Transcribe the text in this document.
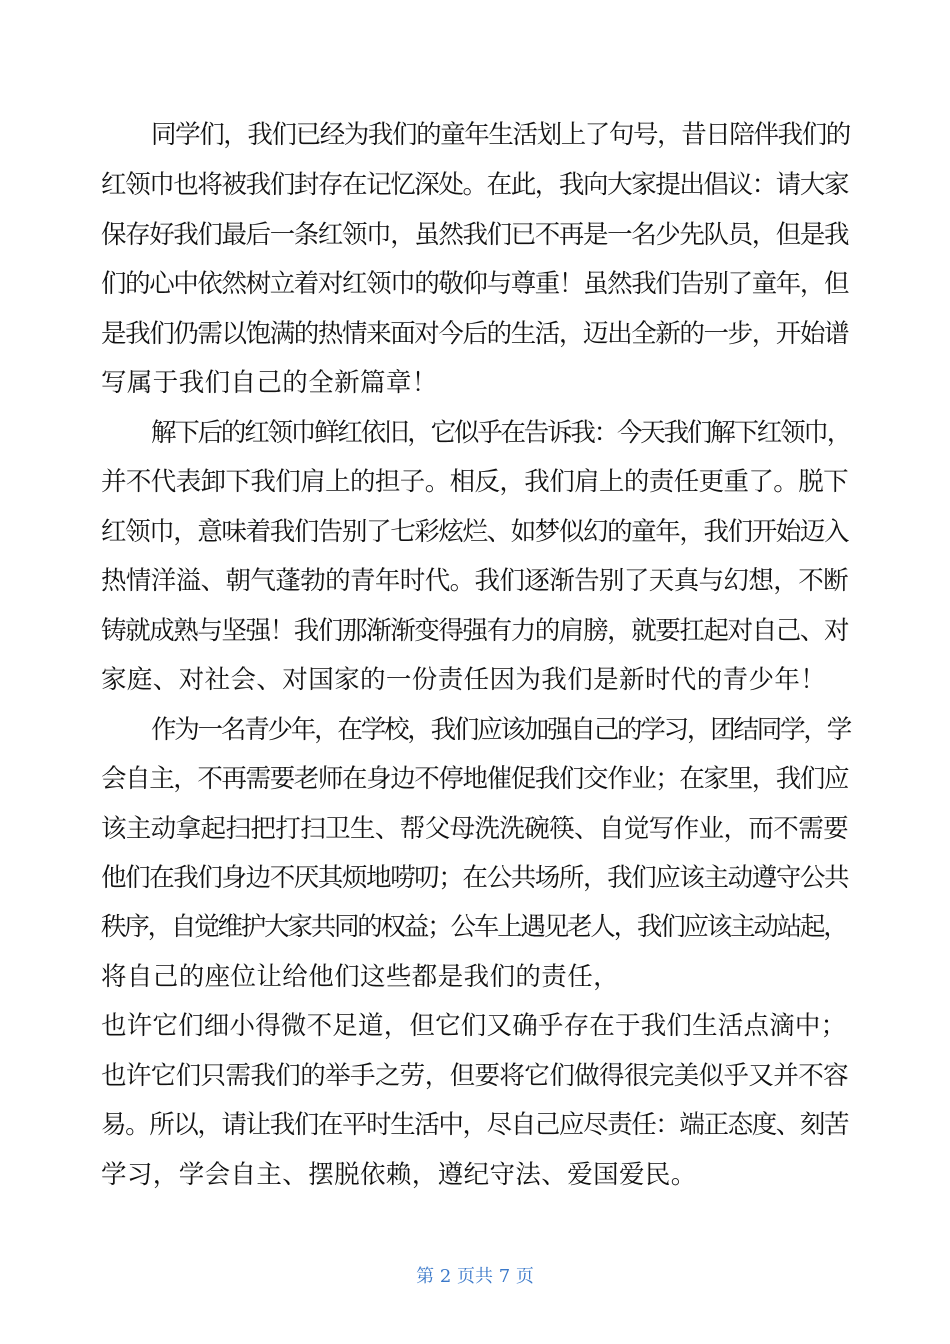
同学们，我们已经为我们的童年生活划上了句号，昔日陪伴我们的

红领巾也将被我们封存在记忆深处。在此，我向大家提出倡议：请大家

保存好我们最后一条红领巾，虽然我们已不再是一名少先队员，但是我

们的心中依然树立着对红领巾的敬仰与尊重！虽然我们告别了童年，但

是我们仍需以饱满的热情来面对今后的生活，迈出全新的一步，开始谱

写属于我们自己的全新篇章！

解下后的红领巾鲜红依旧，它似乎在告诉我：今天我们解下红领巾，

并不代表卸下我们肩上的担子。相反，我们肩上的责任更重了。脱下

红领巾，意味着我们告别了七彩炫烂、如梦似幻的童年，我们开始迈入

热情洋溢、朝气蓬勃的青年时代。我们逐渐告别了天真与幻想，不断

铸就成熟与坚强！我们那渐渐变得强有力的肩膀，就要扛起对自己、对

家庭、对社会、对国家的一份责任因为我们是新时代的青少年！

作为一名青少年，在学校，我们应该加强自己的学习，团结同学，学

会自主，不再需要老师在身边不停地催促我们交作业；在家里，我们应

该主动拿起扫把打扫卫生、帮父母洗洗碗筷、自觉写作业，而不需要

他们在我们身边不厌其烦地唠叨；在公共场所，我们应该主动遵守公共

秩序，自觉维护大家共同的权益；公车上遇见老人，我们应该主动站起，

将自己的座位让给他们这些都是我们的责任，

也许它们细小得微不足道，但它们又确乎存在于我们生活点滴中；

也许它们只需我们的举手之劳，但要将它们做得很完美似乎又并不容

易。所以，请让我们在平时生活中，尽自己应尽责任：端正态度、刻苦

学习，学会自主、摆脱依赖，遵纪守法、爱国爱民。

第 2 页共 7 页
